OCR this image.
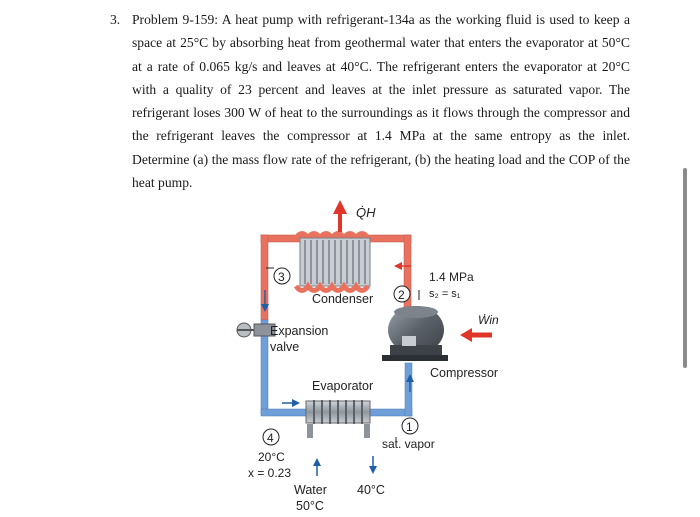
3. Problem 9-159: A heat pump with refrigerant-134a as the working fluid is used to keep a space at 25°C by absorbing heat from geothermal water that enters the evaporator at 50°C at a rate of 0.065 kg/s and leaves at 40°C. The refrigerant enters the evaporator at 20°C with a quality of 23 percent and leaves at the inlet pressure as saturated vapor. The refrigerant loses 300 W of heat to the surroundings as it flows through the compressor and the refrigerant leaves the compressor at 1.4 MPa at the same entropy as the inlet. Determine (a) the mass flow rate of the refrigerant, (b) the heating load and the COP of the heat pump.
Q̇H
3
Condenser 2
1.4 MPa
s₂ = s₁
Expansion
valve
Ẇin
Compressor
Evaporator
4
20°C
x = 0.23
1
sat. vapor
Water
50°C
40°C
